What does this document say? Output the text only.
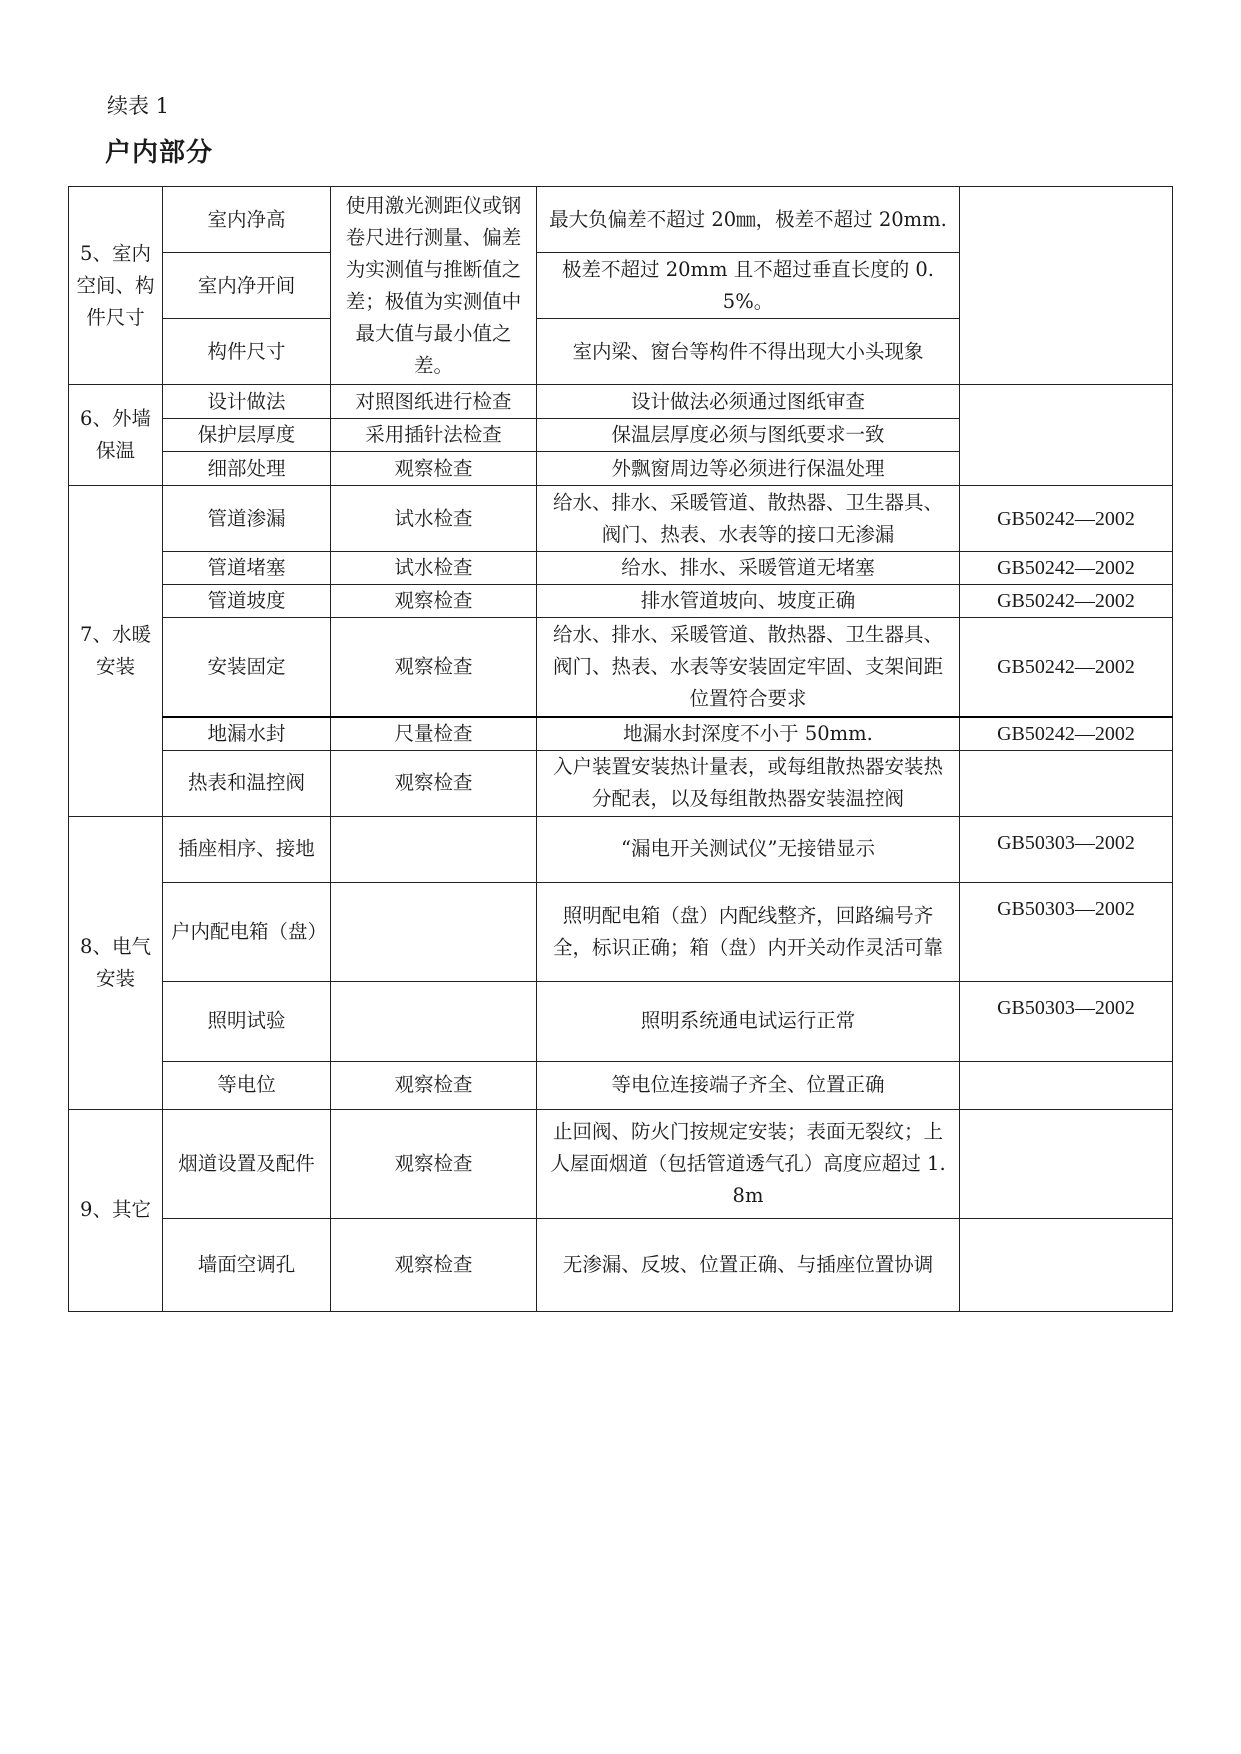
续表 1
户内部分
5、室内空间、构件尺寸	室内净高	使用激光测距仪或钢卷尺进行测量、偏差为实测值与推断值之差；极值为实测值中最大值与最小值之差。	最大负偏差不超过 20㎜，极差不超过 20mm.	
	室内净开间		极差不超过 20mm 且不超过垂直长度的 0.5%。	
	构件尺寸		室内梁、窗台等构件不得出现大小头现象	
6、外墙保温	设计做法	对照图纸进行检查	设计做法必须通过图纸审查	
	保护层厚度	采用插针法检查	保温层厚度必须与图纸要求一致	
	细部处理	观察检查	外飘窗周边等必须进行保温处理	
7、水暖安装	管道渗漏	试水检查	给水、排水、采暖管道、散热器、卫生器具、阀门、热表、水表等的接口无渗漏	GB50242—2002
	管道堵塞	试水检查	给水、排水、采暖管道无堵塞	GB50242—2002
	管道坡度	观察检查	排水管道坡向、坡度正确	GB50242—2002
	安装固定	观察检查	给水、排水、采暖管道、散热器、卫生器具、阀门、热表、水表等安装固定牢固、支架间距位置符合要求	GB50242—2002
	地漏水封	尺量检查	地漏水封深度不小于 50mm.	GB50242—2002
	热表和温控阀	观察检查	入户装置安装热计量表，或每组散热器安装热分配表，以及每组散热器安装温控阀	
8、电气安装	插座相序、接地		“漏电开关测试仪”无接错显示	GB50303—2002
	户内配电箱（盘）		照明配电箱（盘）内配线整齐，回路编号齐全，标识正确；箱（盘）内开关动作灵活可靠	GB50303—2002
	照明试验		照明系统通电试运行正常	GB50303—2002
	等电位	观察检查	等电位连接端子齐全、位置正确	
9、其它	烟道设置及配件	观察检查	止回阀、防火门按规定安装；表面无裂纹；上人屋面烟道（包括管道透气孔）高度应超过 1.8m	
	墙面空调孔	观察检查	无渗漏、反坡、位置正确、与插座位置协调	
